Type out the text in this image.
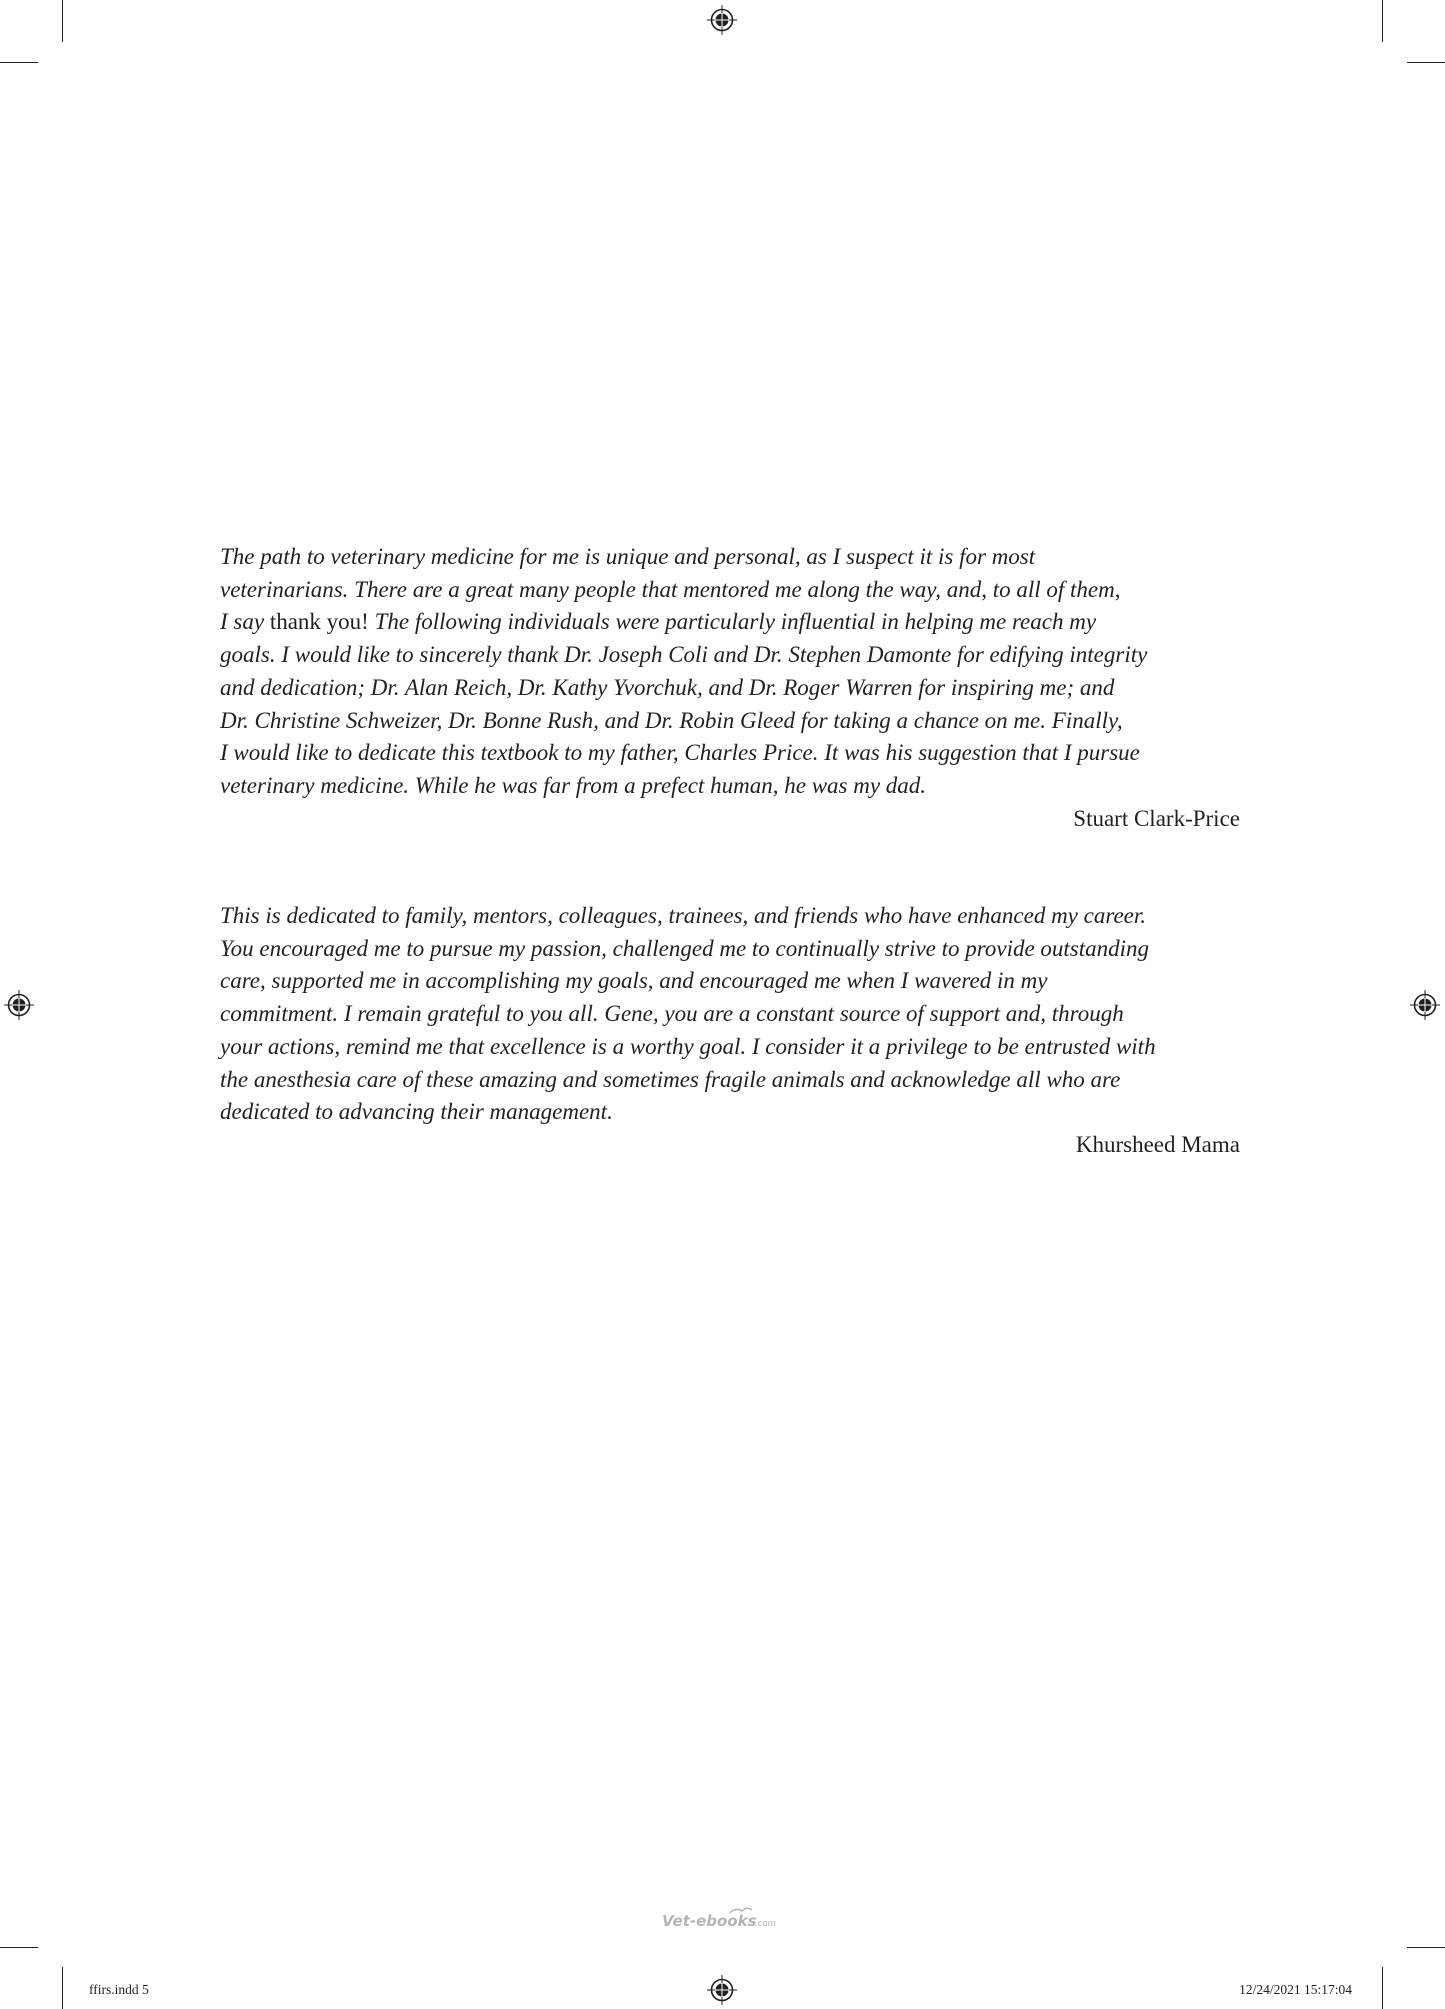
The path to veterinary medicine for me is unique and personal, as I suspect it is for most
veterinarians. There are a great many people that mentored me along the way, and, to all of them,
I say thank you! The following individuals were particularly influential in helping me reach my
goals. I would like to sincerely thank Dr. Joseph Coli and Dr. Stephen Damonte for edifying integrity
and dedication; Dr. Alan Reich, Dr. Kathy Yvorchuk, and Dr. Roger Warren for inspiring me; and
Dr. Christine Schweizer, Dr. Bonne Rush, and Dr. Robin Gleed for taking a chance on me. Finally,
I would like to dedicate this textbook to my father, Charles Price. It was his suggestion that I pursue
veterinary medicine. While he was far from a prefect human, he was my dad.

Stuart Clark-Price

This is dedicated to family, mentors, colleagues, trainees, and friends who have enhanced my career.
You encouraged me to pursue my passion, challenged me to continually strive to provide outstanding
care, supported me in accomplishing my goals, and encouraged me when I wavered in my
commitment. I remain grateful to you all. Gene, you are a constant source of support and, through
your actions, remind me that excellence is a worthy goal. I consider it a privilege to be entrusted with
the anesthesia care of these amazing and sometimes fragile animals and acknowledge all who are
dedicated to advancing their management.

Khursheed Mama

Vet-ebooks
.com
ffirs.indd 5	12/24/2021 15:17:04
